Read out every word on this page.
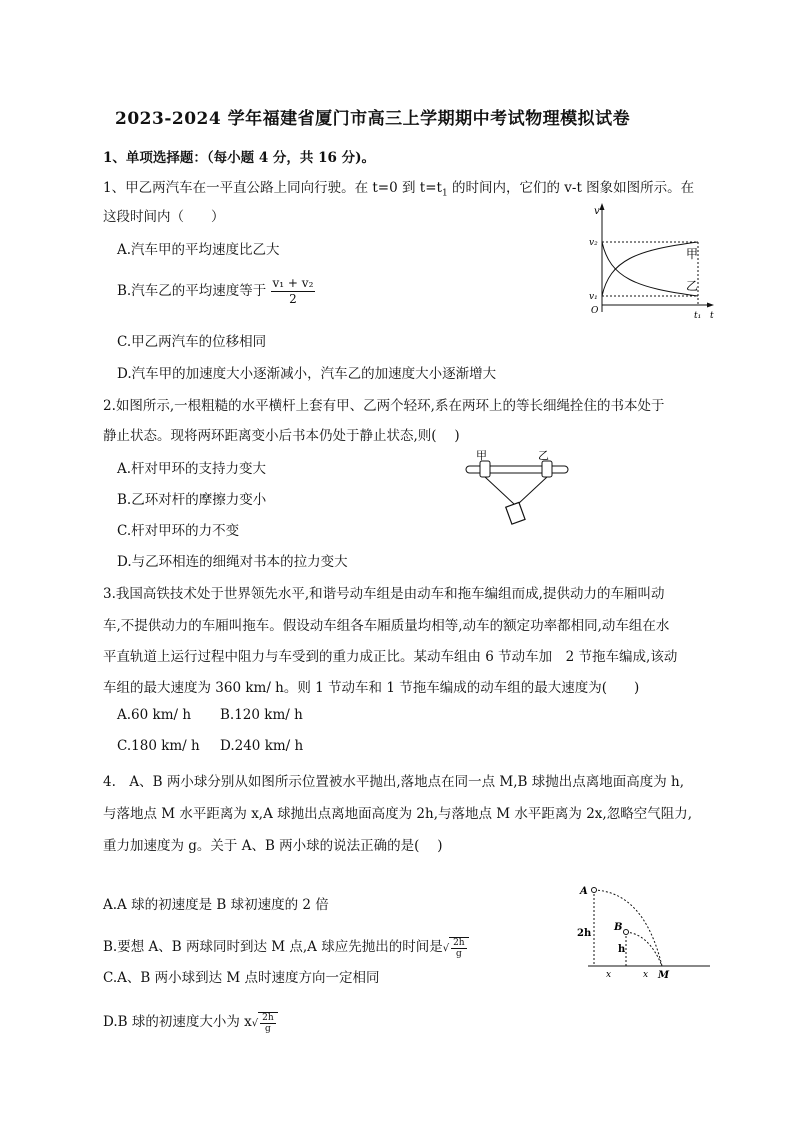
2023-2024 学年福建省厦门市高三上学期期中考试物理模拟试卷
1、单项选择题：（每小题 4 分，共 16 分)。
1、甲乙两汽车在一平直公路上同向行驶。在 t=0 到 $t=t_1$ 的时间内，它们的 v-t 图象如图所示。在
这段时间内（　　）
A.汽车甲的平均速度比乙大
B.汽车乙的平均速度等于 $\frac{\text{v₁ + v₂}}{2}$
C.甲乙两汽车的位移相同
D.汽车甲的加速度大小逐渐减小，汽车乙的加速度大小逐渐增大
v
v₂
v₁
O	t₁ t
甲
乙
2.如图所示,一根粗糙的水平横杆上套有甲、乙两个轻环,系在两环上的等长细绳拴住的书本处于
静止状态。现将两环距离变小后书本仍处于静止状态,则(　 )
A.杆对甲环的支持力变大
B.乙环对杆的摩擦力变小
C.杆对甲环的力不变
D.与乙环相连的细绳对书本的拉力变大
甲	乙
3.我国高铁技术处于世界领先水平,和谐号动车组是由动车和拖车编组而成,提供动力的车厢叫动
车,不提供动力的车厢叫拖车。假设动车组各车厢质量均相等,动车的额定功率都相同,动车组在水
平直轨道上运行过程中阻力与车受到的重力成正比。某动车组由 6 节动车加　2 节拖车编成,该动
车组的最大速度为 360 km/ h。则 1 节动车和 1 节拖车编成的动车组的最大速度为(　　)
A.60 km/ h B.120 km/ h
C.180 km/ h D.240 km/ h
4.　A、B 两小球分别从如图所示位置被水平抛出,落地点在同一点 M,B 球抛出点离地面高度为 h,
与落地点 M 水平距离为 x,A 球抛出点离地面高度为 2h,与落地点 M 水平距离为 2x,忽略空气阻力,
重力加速度为 g。关于 A、B 两小球的说法正确的是(　 )
A.A 球的初速度是 B 球初速度的 2 倍
B.要想 A、B 两球同时到达 M 点,A 球应先抛出的时间是√ $\frac{2h}{g}$
C.A、B 两小球到达 M 点时速度方向一定相同
D.B 球的初速度大小为 $x√ \frac{2h}{g}$
A
B
2h
h
x	x M
